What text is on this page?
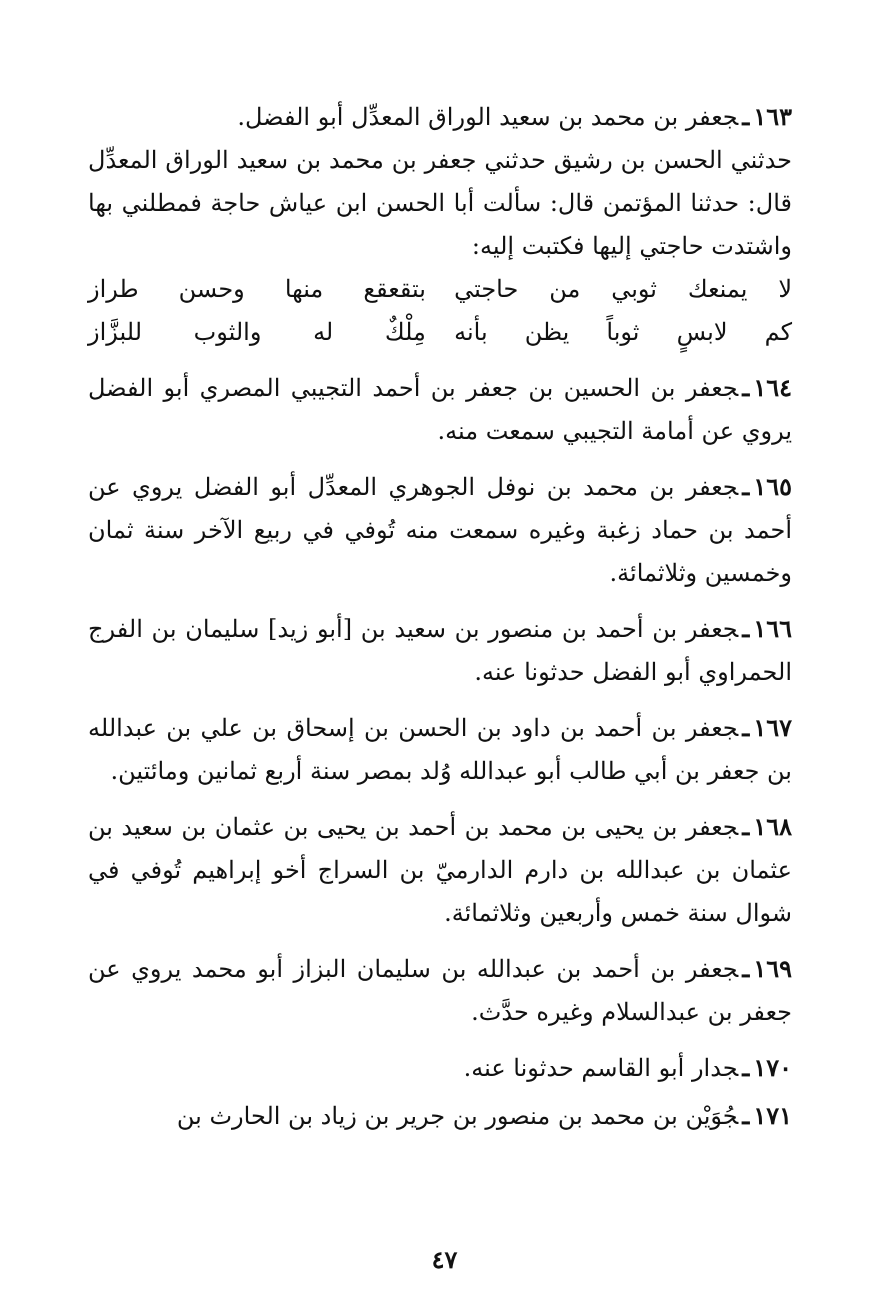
١٦٣ـجعفر بن محمد بن سعيد الوراق المعدِّل أبو الفضل.

حدثني الحسن بن رشيق حدثني جعفر بن محمد بن سعيد الوراق المعدِّل قال: حدثنا المؤتمن قال: سألت أبا الحسن ابن عياش حاجة فمطلني بها واشتدت حاجتي إليها فكتبت إليه:

لا يمنعك ثوبي من حاجتي
بتقعقع منها وحسن طراز
كم لابسٍ ثوباً يظن بأنه
مِلْكٌ له والثوب للبزَّاز

١٦٤ـجعفر بن الحسين بن جعفر بن أحمد التجيبي المصري أبو الفضل يروي عن أمامة التجيبي سمعت منه.

١٦٥ـجعفر بن محمد بن نوفل الجوهري المعدِّل أبو الفضل يروي عن أحمد بن حماد زغبة وغيره سمعت منه تُوفي في ربيع الآخر سنة ثمان وخمسين وثلاثمائة.

١٦٦ـجعفر بن أحمد بن منصور بن سعيد بن [أبو زيد] سليمان بن الفرج الحمراوي أبو الفضل حدثونا عنه.

١٦٧ـجعفر بن أحمد بن داود بن الحسن بن إسحاق بن علي بن عبدالله بن جعفر بن أبي طالب أبو عبدالله وُلد بمصر سنة أربع ثمانين ومائتين.

١٦٨ـجعفر بن يحيى بن محمد بن أحمد بن يحيى بن عثمان بن سعيد بن عثمان بن عبدالله بن دارم الدارميّ بن السراج أخو إبراهيم تُوفي في شوال سنة خمس وأربعين وثلاثمائة.

١٦٩ـجعفر بن أحمد بن عبدالله بن سليمان البزاز أبو محمد يروي عن جعفر بن عبدالسلام وغيره حدَّث.

١٧٠ـجدار أبو القاسم حدثونا عنه.

١٧١ـجُوَيْن بن محمد بن منصور بن جرير بن زياد بن الحارث بن

٤٧
